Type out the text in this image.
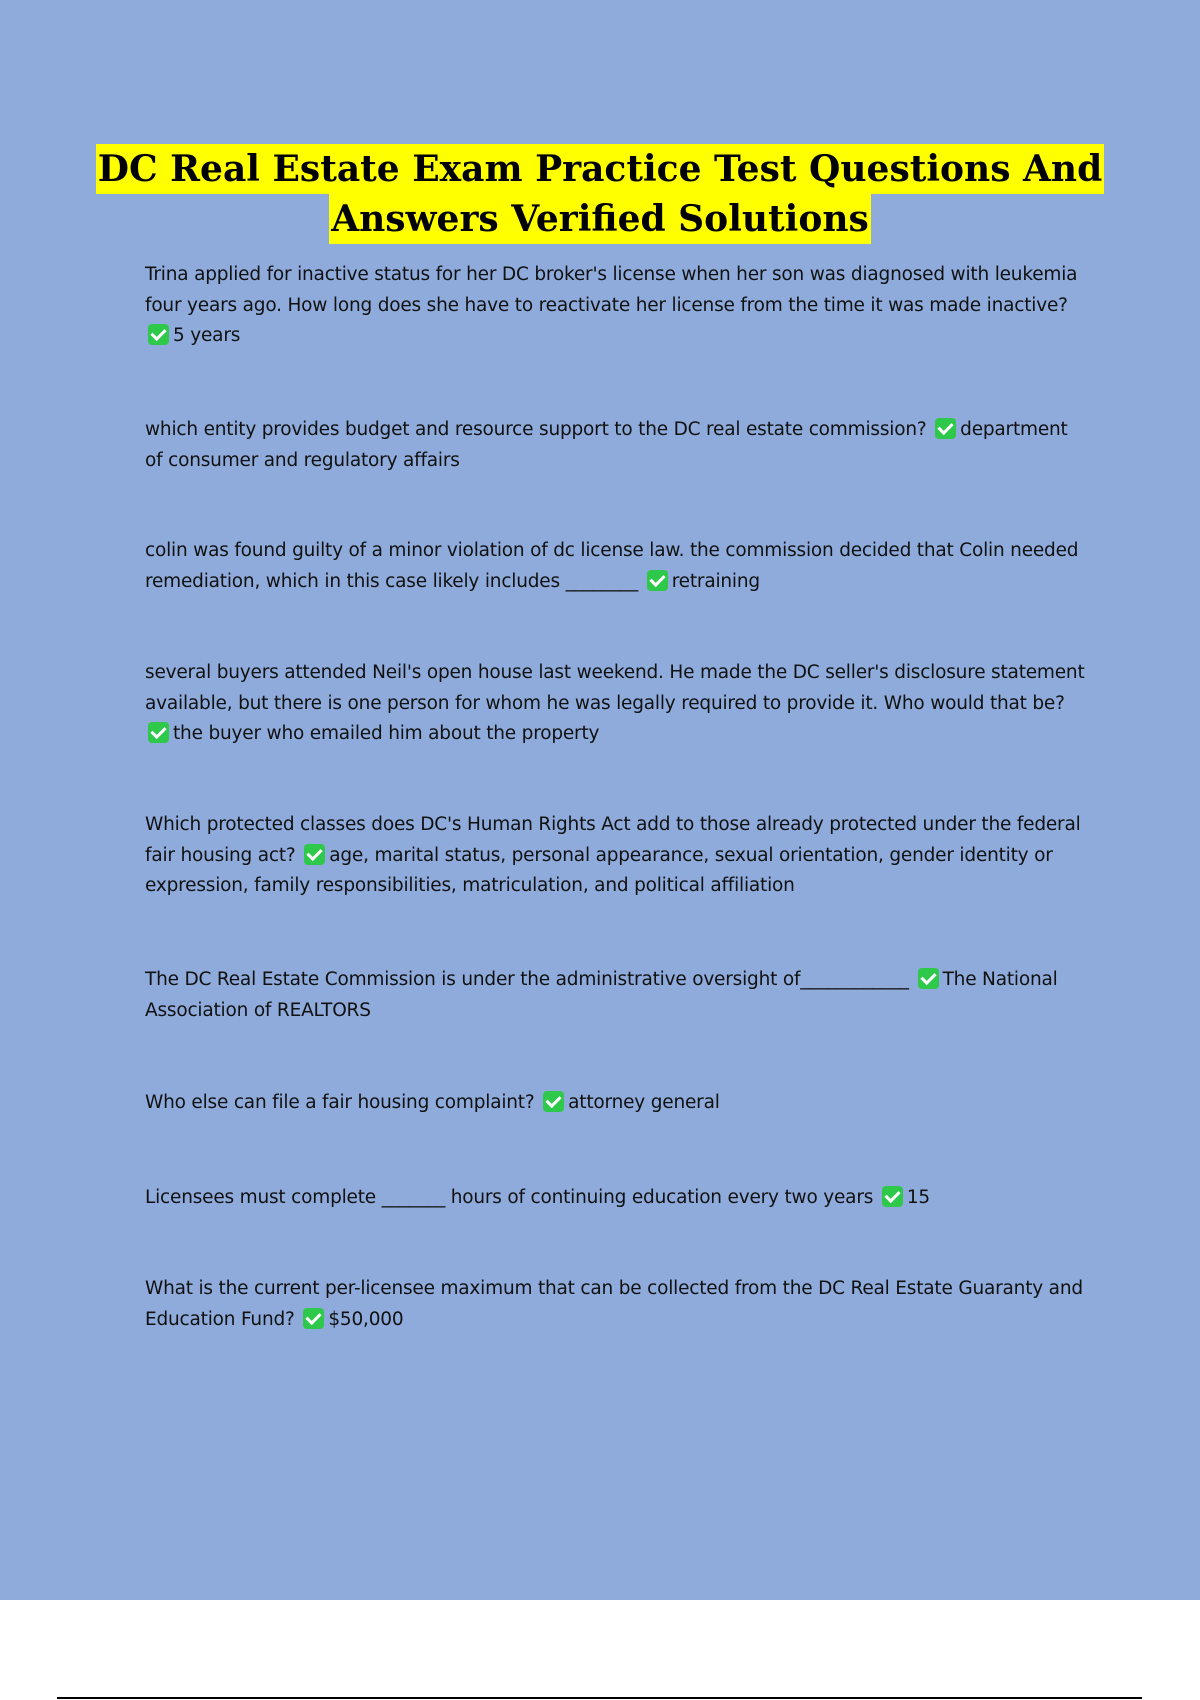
DC Real Estate Exam Practice Test Questions And
Answers Verified Solutions
Trina applied for inactive status for her DC broker's license when her son was diagnosed with leukemia four years ago. How long does she have to reactivate her license from the time it was made inactive?
5 years
which entity provides budget and resource support to the DC real estate commission? department of consumer and regulatory affairs
colin was found guilty of a minor violation of dc license law. the commission decided that Colin needed remediation, which in this case likely includes ________ retraining
several buyers attended Neil's open house last weekend. He made the DC seller's disclosure statement available, but there is one person for whom he was legally required to provide it. Who would that be?
the buyer who emailed him about the property
Which protected classes does DC's Human Rights Act add to those already protected under the federal fair housing act? age, marital status, personal appearance, sexual orientation, gender identity or expression, family responsibilities, matriculation, and political affiliation
The DC Real Estate Commission is under the administrative oversight of____________ The National Association of REALTORS
Who else can file a fair housing complaint? attorney general
Licensees must complete _______ hours of continuing education every two years 15
What is the current per-licensee maximum that can be collected from the DC Real Estate Guaranty and Education Fund? $50,000
